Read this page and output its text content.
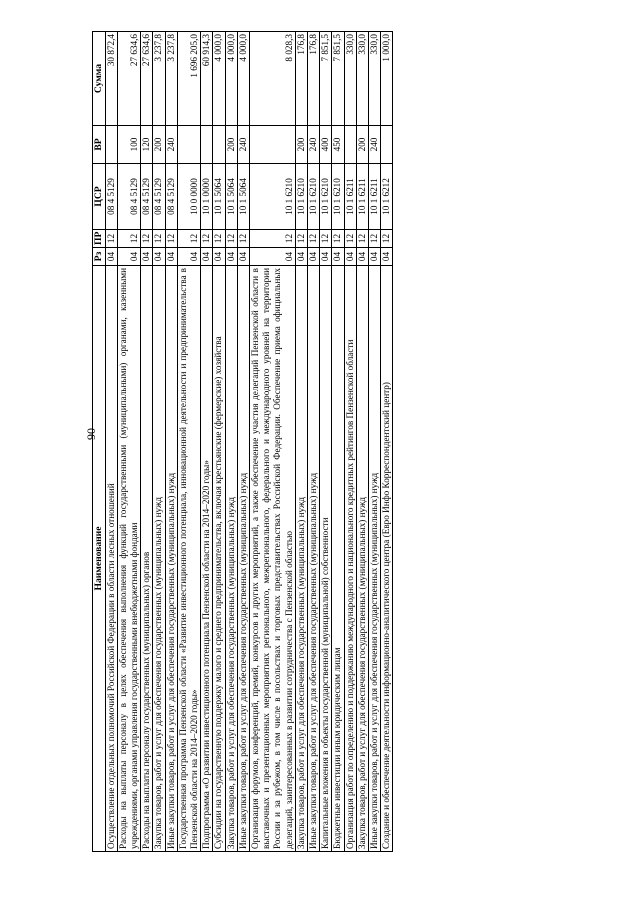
90
Наименование	Рз	ПР	ЦСР	ВР	Сумма
Осуществление отдельных полномочий Российской Федерации в области лесных отношений	04	12	08 4 5129		30 872,4
Расходы на выплаты персоналу в целях обеспечения выполнения функций государственными (муниципальными) органами, казенными учреждениями, органами управления государственными внебюджетными фондами	04	12	08 4 5129	100	27 634,6
Расходы на выплаты персоналу государственных (муниципальных) органов	04	12	08 4 5129	120	27 634,6
Закупка товаров, работ и услуг для обеспечения государственных (муниципальных) нужд	04	12	08 4 5129	200	3 237,8
Иные закупки товаров, работ и услуг для обеспечения государственных (муниципальных) нужд	04	12	08 4 5129	240	3 237,8
Государственная программа Пензенской области «Развитие инвестиционного потенциала, инновационной деятельности и предпринимательства в Пензенской области на 2014–2020 годы»	04	12	10 0 0000		1 696 205,0
Подпрограмма «О развитии инвестиционного потенциала Пензенской области на 2014–2020 годы»	04	12	10 1 0000		60 914,3
Субсидии на государственную поддержку малого и среднего предпринимательства, включая крестьянские (фермерские) хозяйства	04	12	10 1 5064		4 000,0
Закупка товаров, работ и услуг для обеспечения государственных (муниципальных) нужд	04	12	10 1 5064	200	4 000,0
Иные закупки товаров, работ и услуг для обеспечения государственных (муниципальных) нужд	04	12	10 1 5064	240	4 000,0
Организация форумов, конференций, премий, конкурсов и других мероприятий, а также обеспечение участия делегаций Пензенской области в выставочных и презентационных мероприятиях регионального, межрегионального, федерального и международного уровней на территории России и за рубежом, в том числе в посольствах и торговых представительствах Российской Федерации. Обеспечение приема официальных делегаций, заинтересованных в развитии сотрудничества с Пензенской областью	04	12	10 1 6210		8 028,3
Закупка товаров, работ и услуг для обеспечения государственных (муниципальных) нужд	04	12	10 1 6210	200	176,8
Иные закупки товаров, работ и услуг для обеспечения государственных (муниципальных) нужд	04	12	10 1 6210	240	176,8
Капитальные вложения в объекты государственной (муниципальной) собственности	04	12	10 1 6210	400	7 851,5
Бюджетные инвестиции иным юридическим лицам	04	12	10 1 6210	450	7 851,5
Организация работ по определению и поддержанию международного и национального кредитных рейтингов Пензенской области	04	12	10 1 6211		330,0
Закупка товаров, работ и услуг для обеспечения государственных (муниципальных) нужд	04	12	10 1 6211	200	330,0
Иные закупки товаров, работ и услуг для обеспечения государственных (муниципальных) нужд	04	12	10 1 6211	240	330,0
Создание и обеспечение деятельности информационно-аналитического центра (Евро Инфо Корреспондентский центр)	04	12	10 1 6212		1 000,0
